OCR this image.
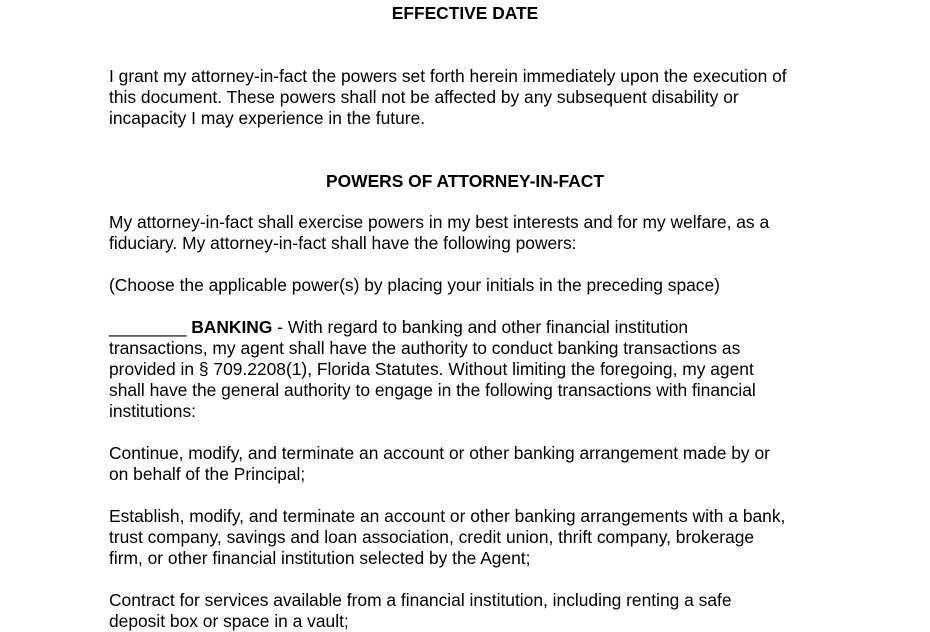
EFFECTIVE DATE
I grant my attorney-in-fact the powers set forth herein immediately upon the execution of
this document. These powers shall not be affected by any subsequent disability or
incapacity I may experience in the future.
POWERS OF ATTORNEY-IN-FACT
My attorney-in-fact shall exercise powers in my best interests and for my welfare, as a
fiduciary. My attorney-in-fact shall have the following powers:
(Choose the applicable power(s) by placing your initials in the preceding space)
________ BANKING - With regard to banking and other financial institution
transactions, my agent shall have the authority to conduct banking transactions as
provided in § 709.2208(1), Florida Statutes. Without limiting the foregoing, my agent
shall have the general authority to engage in the following transactions with financial
institutions:
Continue, modify, and terminate an account or other banking arrangement made by or
on behalf of the Principal;
Establish, modify, and terminate an account or other banking arrangements with a bank,
trust company, savings and loan association, credit union, thrift company, brokerage
firm, or other financial institution selected by the Agent;
Contract for services available from a financial institution, including renting a safe
deposit box or space in a vault;
